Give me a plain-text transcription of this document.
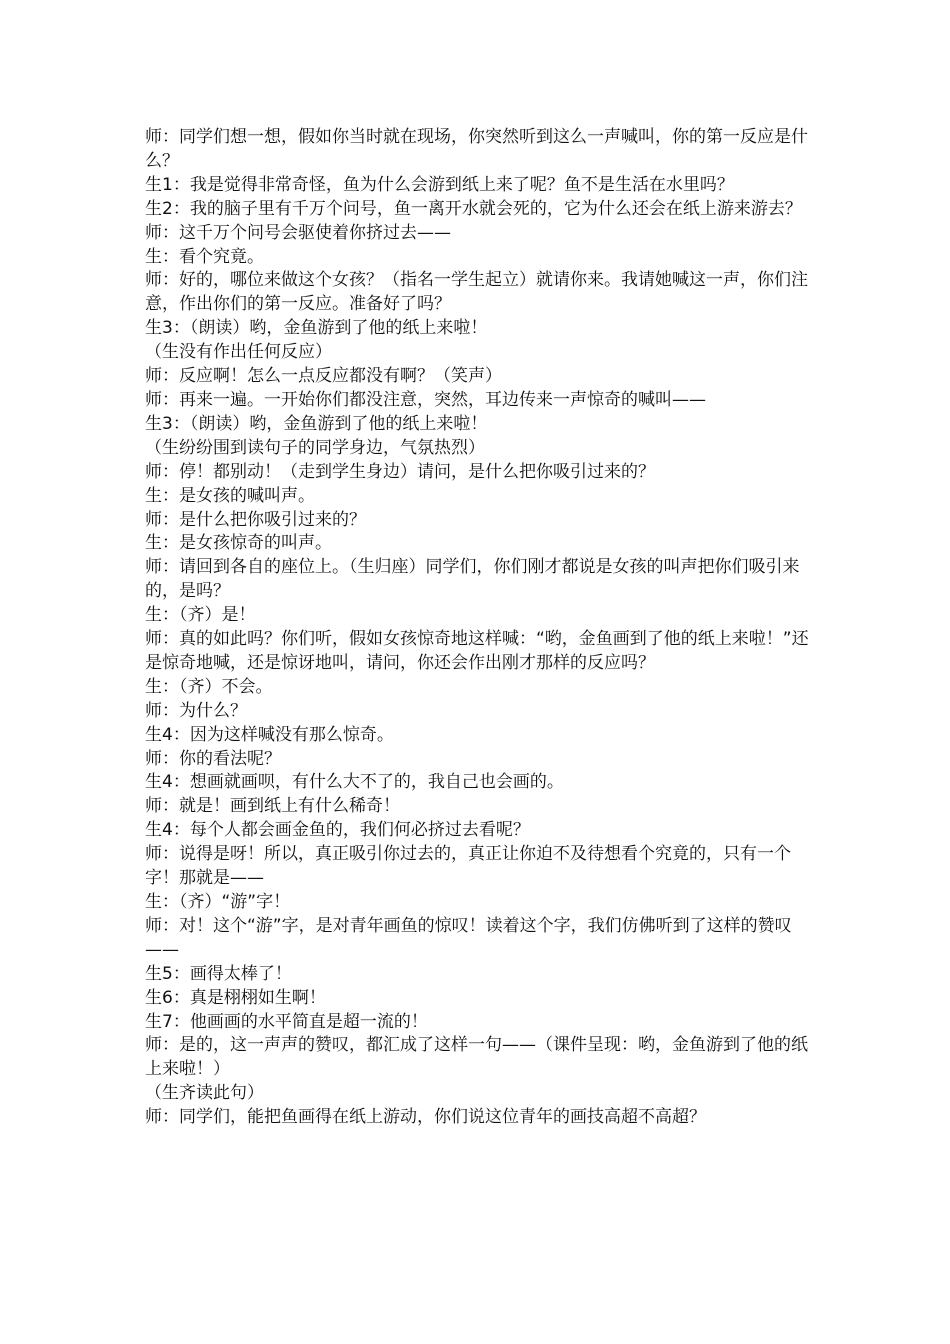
师：同学们想一想，假如你当时就在现场，你突然听到这么一声喊叫，你的第一反应是什么？

生1：我是觉得非常奇怪，鱼为什么会游到纸上来了呢？鱼不是生活在水里吗？

生2：我的脑子里有千万个问号，鱼一离开水就会死的，它为什么还会在纸上游来游去？

师：这千万个问号会驱使着你挤过去——

生：看个究竟。

师：好的，哪位来做这个女孩？（指名一学生起立）就请你来。我请她喊这一声，你们注意，作出你们的第一反应。准备好了吗？

生3：（朗读）哟，金鱼游到了他的纸上来啦！

（生没有作出任何反应）

师：反应啊！怎么一点反应都没有啊？（笑声）

师：再来一遍。一开始你们都没注意，突然，耳边传来一声惊奇的喊叫——

生3：（朗读）哟，金鱼游到了他的纸上来啦！

（生纷纷围到读句子的同学身边，气氛热烈）

师：停！都别动！（走到学生身边）请问，是什么把你吸引过来的？

生：是女孩的喊叫声。

师：是什么把你吸引过来的？

生：是女孩惊奇的叫声。

师：请回到各自的座位上。（生归座）同学们，你们刚才都说是女孩的叫声把你们吸引来的，是吗？

生：（齐）是！

师：真的如此吗？你们听，假如女孩惊奇地这样喊：“哟，金鱼画到了他的纸上来啦！”还是惊奇地喊，还是惊讶地叫，请问，你还会作出刚才那样的反应吗？

生：（齐）不会。

师：为什么？

生4：因为这样喊没有那么惊奇。

师：你的看法呢？

生4：想画就画呗，有什么大不了的，我自己也会画的。

师：就是！画到纸上有什么稀奇！

生4：每个人都会画金鱼的，我们何必挤过去看呢？

师：说得是呀！所以，真正吸引你过去的，真正让你迫不及待想看个究竟的，只有一个字！那就是——

生：（齐）“游”字！

师：对！这个“游”字，是对青年画鱼的惊叹！读着这个字，我们仿佛听到了这样的赞叹——

生5：画得太棒了！

生6：真是栩栩如生啊！

生7：他画画的水平简直是超一流的！

师：是的，这一声声的赞叹，都汇成了这样一句——（课件呈现：哟，金鱼游到了他的纸上来啦！）

（生齐读此句）

师：同学们，能把鱼画得在纸上游动，你们说这位青年的画技高超不高超？
